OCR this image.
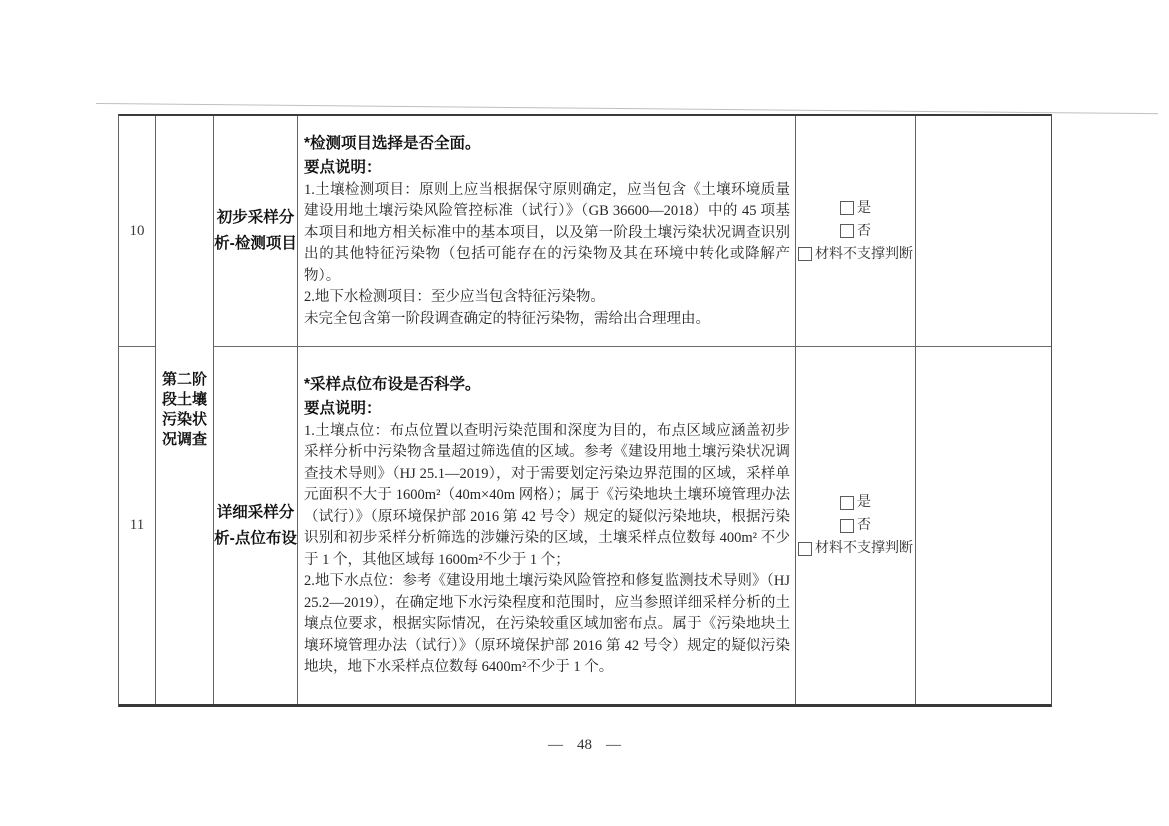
10
第二阶
段土壤
污染状
况调查
初步采样分
析-检测项目
*检测项目选择是否全面。
要点说明：
1.土壤检测项目：原则上应当根据保守原则确定，应当包含《土壤环境质量建设用地土壤污染风险管控标准（试行）》（GB 36600—2018）中的 45 项基本项目和地方相关标准中的基本项目，以及第一阶段土壤污染状况调查识别出的其他特征污染物（包括可能存在的污染物及其在环境中转化或降解产物）。
2.地下水检测项目：至少应当包含特征污染物。
未完全包含第一阶段调查确定的特征污染物，需给出合理理由。
是
否
材料不支撑判断
11
详细采样分
析-点位布设
*采样点位布设是否科学。
要点说明：
1.土壤点位：布点位置以查明污染范围和深度为目的，布点区域应涵盖初步采样分析中污染物含量超过筛选值的区域。参考《建设用地土壤污染状况调查技术导则》（HJ 25.1—2019），对于需要划定污染边界范围的区域，采样单元面积不大于 1600m²（40m×40m 网格）；属于《污染地块土壤环境管理办法（试行）》（原环境保护部 2016 第 42 号令）规定的疑似污染地块，根据污染识别和初步采样分析筛选的涉嫌污染的区域，土壤采样点位数每 400m² 不少于 1 个，其他区域每 1600m²不少于 1 个；
2.地下水点位：参考《建设用地土壤污染风险管控和修复监测技术导则》（HJ 25.2—2019），在确定地下水污染程度和范围时，应当参照详细采样分析的土壤点位要求，根据实际情况，在污染较重区域加密布点。属于《污染地块土壤环境管理办法（试行）》（原环境保护部 2016 第 42 号令）规定的疑似污染地块，地下水采样点位数每 6400m²不少于 1 个。
是
否
材料不支撑判断
— 48 —
